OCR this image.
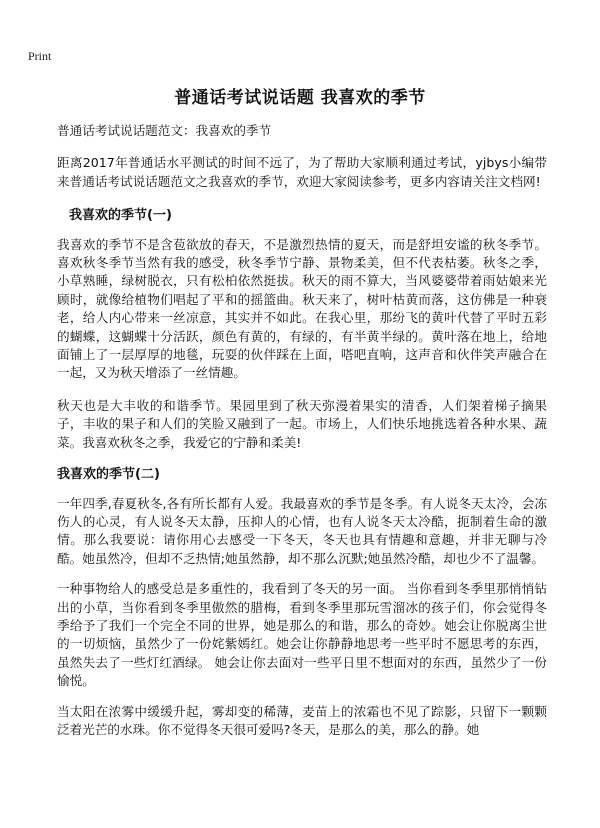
Print
普通话考试说话题 我喜欢的季节

普通话考试说话题范文：我喜欢的季节

距离2017年普通话水平测试的时间不远了，为了帮助大家顺利通过考试，yjbys小编带来普通话考试说话题范文之我喜欢的季节，欢迎大家阅读参考，更多内容请关注文档网!

我喜欢的季节(一)

我喜欢的季节不是含苞欲放的春天，不是激烈热情的夏天，而是舒坦安谧的秋冬季节。喜欢秋冬季节当然有我的感受，秋冬季节宁静、景物柔美，但不代表枯萎。秋冬之季，小草熟睡，绿树脱衣，只有松柏依然挺拔。秋天的雨不算大，当风婆婆带着雨姑娘来光顾时，就像给植物们唱起了平和的摇篮曲。秋天来了，树叶枯黄而落，这仿佛是一种衰老，给人内心带来一丝凉意，其实并不如此。在我心里，那纷飞的黄叶代替了平时五彩的蝴蝶，这蝴蝶十分活跃，颜色有黄的，有绿的，有半黄半绿的。黄叶落在地上，给地面铺上了一层厚厚的地毯，玩耍的伙伴踩在上面，嗒吧直响，这声音和伙伴笑声融合在一起，又为秋天增添了一丝情趣。

秋天也是大丰收的和谐季节。果园里到了秋天弥漫着果实的清香，人们架着梯子摘果子，丰收的果子和人们的笑脸又融到了一起。市场上，人们快乐地挑选着各种水果、蔬菜。我喜欢秋冬之季，我爱它的宁静和柔美!

我喜欢的季节(二)

一年四季,春夏秋冬,各有所长都有人爱。我最喜欢的季节是冬季。有人说冬天太冷，会冻伤人的心灵，有人说冬天太静，压抑人的心情，也有人说冬天太冷酷，扼制着生命的激情。那么我要说：请你用心去感受一下冬天，冬天也具有情趣和意趣，并非无聊与冷酷。她虽然冷，但却不乏热情;她虽然静，却不那么沉默;她虽然冷酷，却也少不了温馨。

一种事物给人的感受总是多重性的，我看到了冬天的另一面。 当你看到冬季里那悄悄钻出的小草，当你看到冬季里傲然的腊梅，看到冬季里那玩雪溜冰的孩子们，你会觉得冬季给予了我们一个完全不同的世界，她是那么的和谐，那么的奇妙。她会让你脱离尘世的一切烦恼，虽然少了一份姹紫嫣红。她会让你静静地思考一些平时不愿思考的东西，虽然失去了一些灯红酒绿。 她会让你去面对一些平日里不想面对的东西，虽然少了一份愉悦。

当太阳在浓雾中缓缓升起，雾却变的稀薄，麦苗上的浓霜也不见了踪影，只留下一颗颗泛着光芒的水珠。你不觉得冬天很可爱吗?冬天，是那么的美，那么的静。她
